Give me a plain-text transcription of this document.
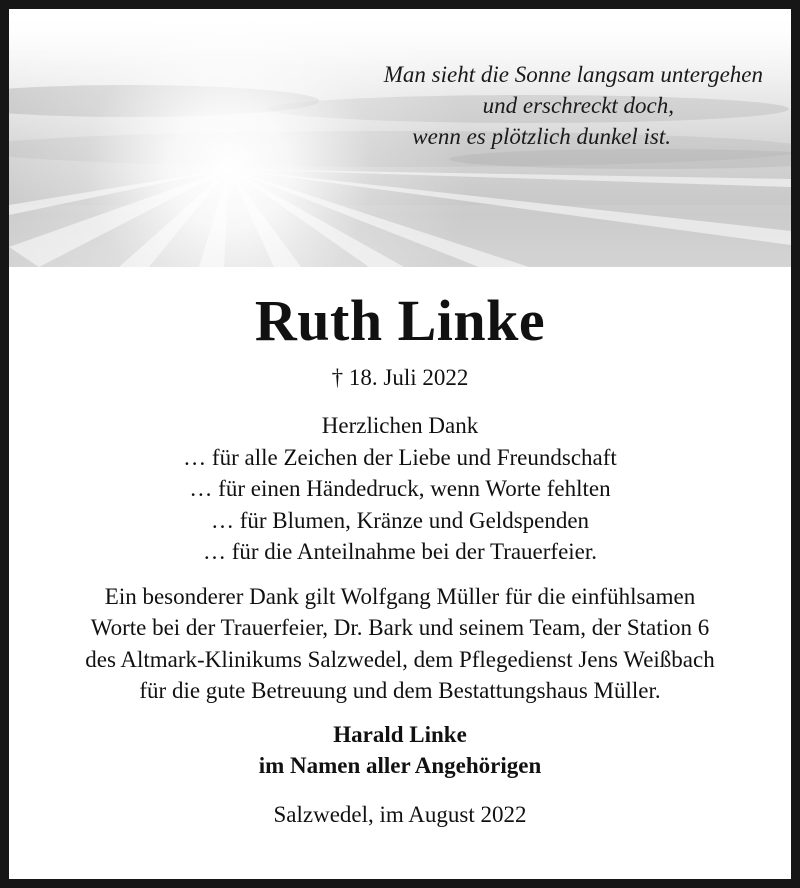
Man sieht die Sonne langsam untergehen
und erschreckt doch,
wenn es plötzlich dunkel ist.
Ruth Linke
† 18. Juli 2022
Herzlichen Dank
… für alle Zeichen der Liebe und Freundschaft
… für einen Händedruck, wenn Worte fehlten
… für Blumen, Kränze und Geldspenden
… für die Anteilnahme bei der Trauerfeier.
Ein besonderer Dank gilt Wolfgang Müller für die einfühlsamen
Worte bei der Trauerfeier, Dr. Bark und seinem Team, der Station 6
des Altmark-Klinikums Salzwedel, dem Pflegedienst Jens Weißbach
für die gute Betreuung und dem Bestattungshaus Müller.
Harald Linke
im Namen aller Angehörigen
Salzwedel, im August 2022
